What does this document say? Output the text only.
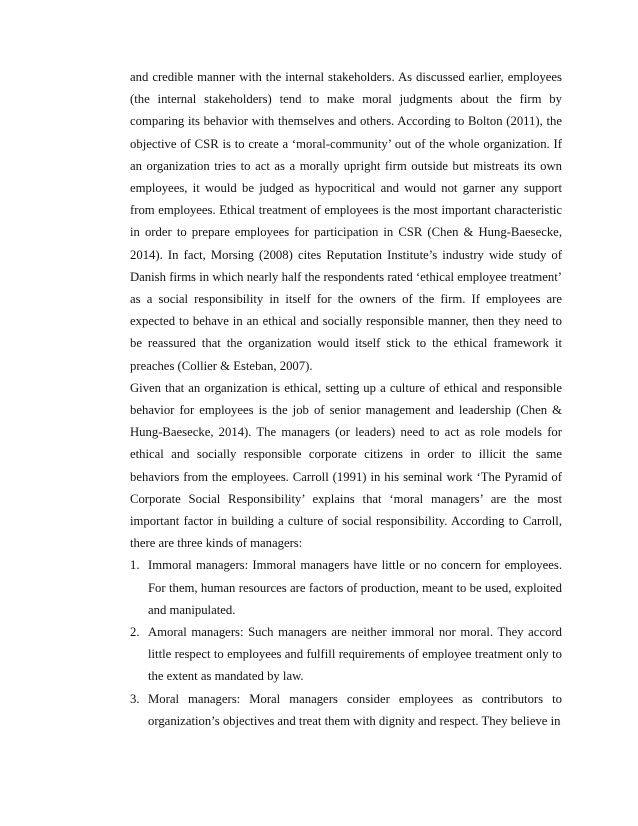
and credible manner with the internal stakeholders. As discussed earlier, employees (the internal stakeholders) tend to make moral judgments about the firm by comparing its behavior with themselves and others. According to Bolton (2011), the objective of CSR is to create a ‘moral-community’ out of the whole organization. If an organization tries to act as a morally upright firm outside but mistreats its own employees, it would be judged as hypocritical and would not garner any support from employees. Ethical treatment of employees is the most important characteristic in order to prepare employees for participation in CSR (Chen & Hung-Baesecke, 2014). In fact, Morsing (2008) cites Reputation Institute’s industry wide study of Danish firms in which nearly half the respondents rated ‘ethical employee treatment’ as a social responsibility in itself for the owners of the firm. If employees are expected to behave in an ethical and socially responsible manner, then they need to be reassured that the organization would itself stick to the ethical framework it preaches (Collier & Esteban, 2007).

Given that an organization is ethical, setting up a culture of ethical and responsible behavior for employees is the job of senior management and leadership (Chen & Hung-Baesecke, 2014). The managers (or leaders) need to act as role models for ethical and socially responsible corporate citizens in order to illicit the same behaviors from the employees. Carroll (1991) in his seminal work ‘The Pyramid of Corporate Social Responsibility’ explains that ‘moral managers’ are the most important factor in building a culture of social responsibility. According to Carroll, there are three kinds of managers:

1. Immoral managers: Immoral managers have little or no concern for employees. For them, human resources are factors of production, meant to be used, exploited and manipulated.
2. Amoral managers: Such managers are neither immoral nor moral. They accord little respect to employees and fulfill requirements of employee treatment only to the extent as mandated by law.
3. Moral managers: Moral managers consider employees as contributors to organization’s objectives and treat them with dignity and respect. They believe in
